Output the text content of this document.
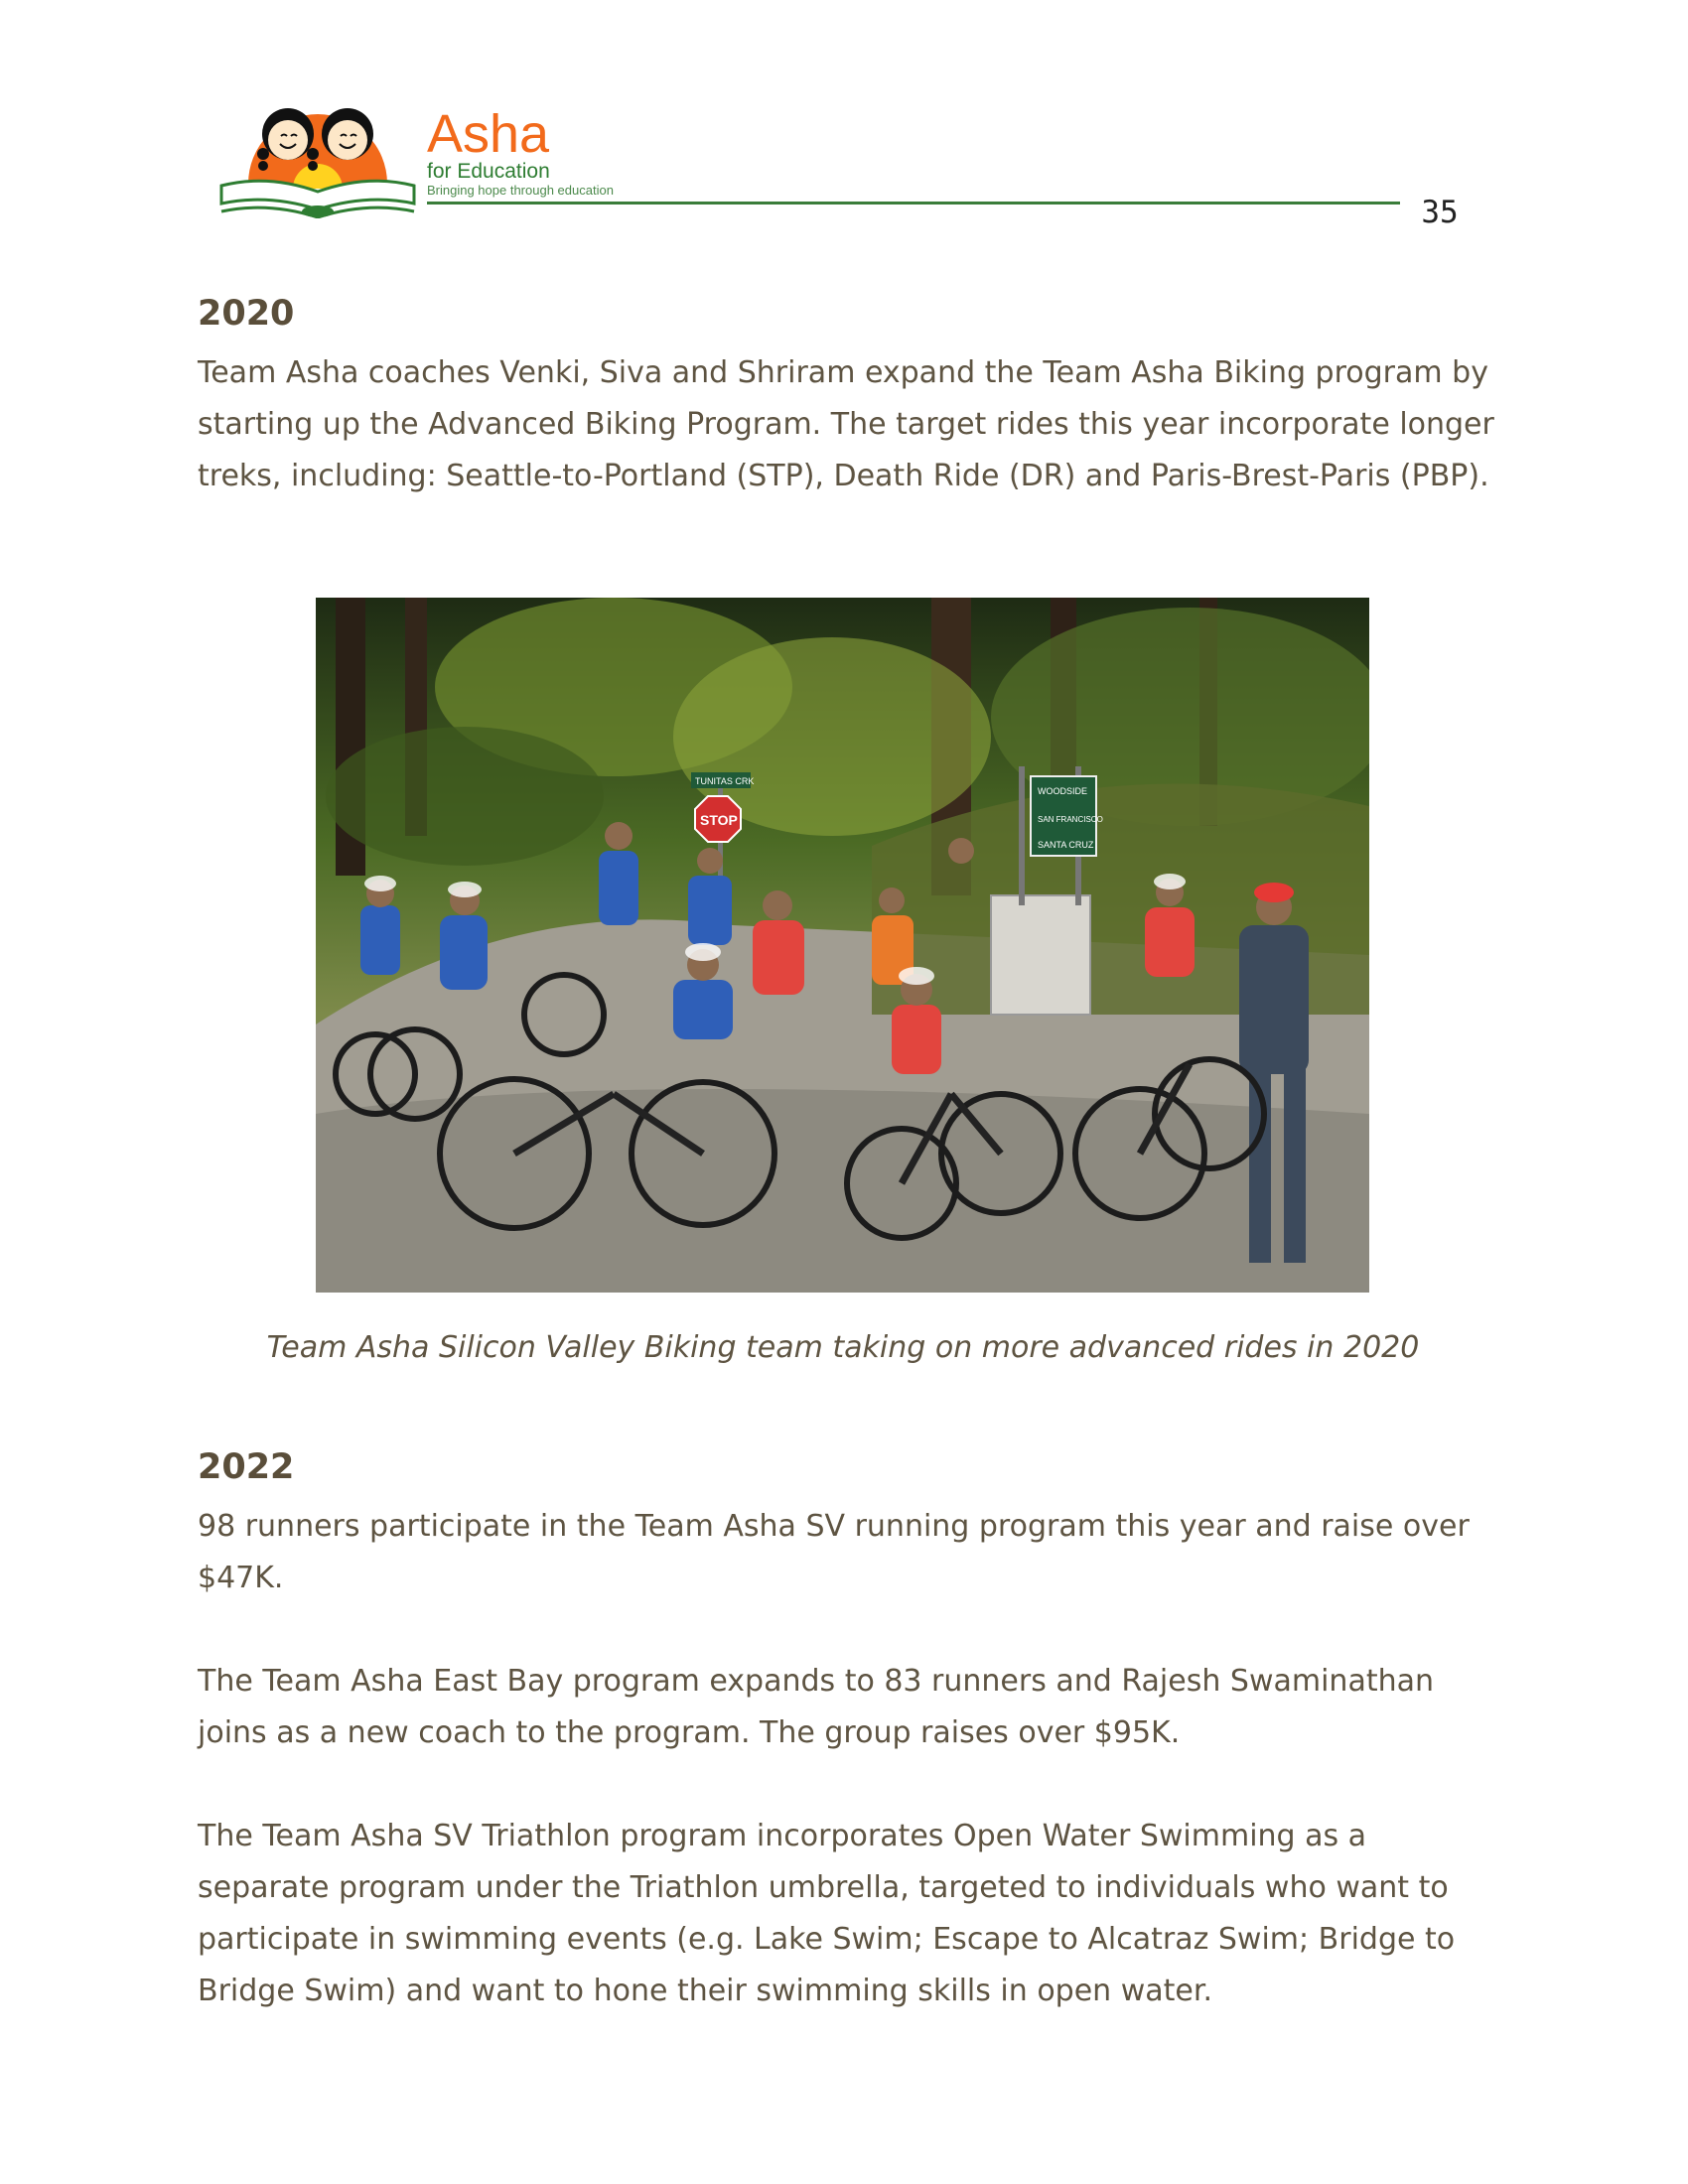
Asha
for Education
Bringing hope through education
35
2020

Team Asha coaches Venki, Siva and Shriram expand the Team Asha Biking program by starting up the Advanced Biking Program. The target rides this year incorporate longer treks, including: Seattle-to-Portland (STP), Death Ride (DR) and Paris-Brest-Paris (PBP).

WOODSIDE
SAN FRANCISCO
SANTA CRUZ
TUNITAS CRK
STOP
Team Asha Silicon Valley Biking team taking on more advanced rides in 2020
2022

98 runners participate in the Team Asha SV running program this year and raise over $47K.

The Team Asha East Bay program expands to 83 runners and Rajesh Swaminathan joins as a new coach to the program. The group raises over $95K.

The Team Asha SV Triathlon program incorporates Open Water Swimming as a separate program under the Triathlon umbrella, targeted to individuals who want to participate in swimming events (e.g. Lake Swim; Escape to Alcatraz Swim; Bridge to Bridge Swim) and want to hone their swimming skills in open water.
